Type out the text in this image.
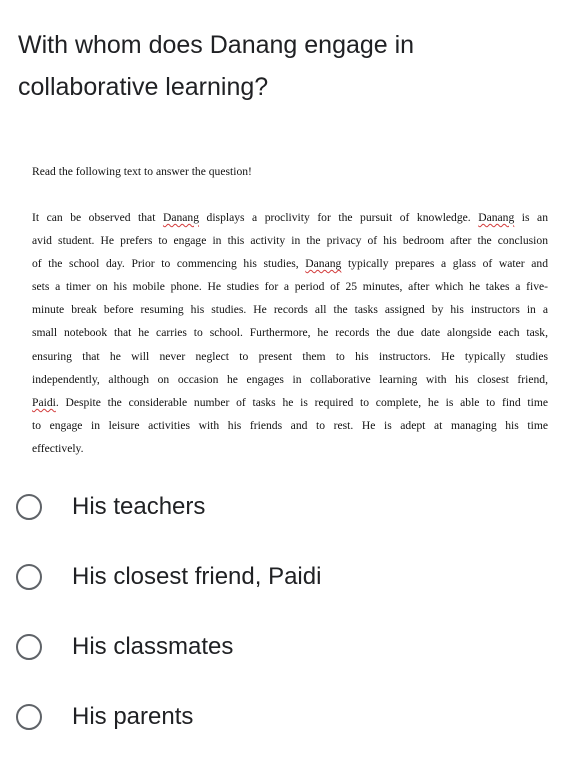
With whom does Danang engage in collaborative learning?

Read the following text to answer the question!

It can be observed that Danang displays a proclivity for the pursuit of knowledge. Danang is an
avid student. He prefers to engage in this activity in the privacy of his bedroom after the conclusion
of the school day. Prior to commencing his studies, Danang typically prepares a glass of water and
sets a timer on his mobile phone. He studies for a period of 25 minutes, after which he takes a five-
minute break before resuming his studies. He records all the tasks assigned by his instructors in a
small notebook that he carries to school. Furthermore, he records the due date alongside each task,
ensuring that he will never neglect to present them to his instructors. He typically studies
independently, although on occasion he engages in collaborative learning with his closest friend,
Paidi. Despite the considerable number of tasks he is required to complete, he is able to find time
to engage in leisure activities with his friends and to rest. He is adept at managing his time
effectively.
His teachers
His closest friend, Paidi
His classmates
His parents
